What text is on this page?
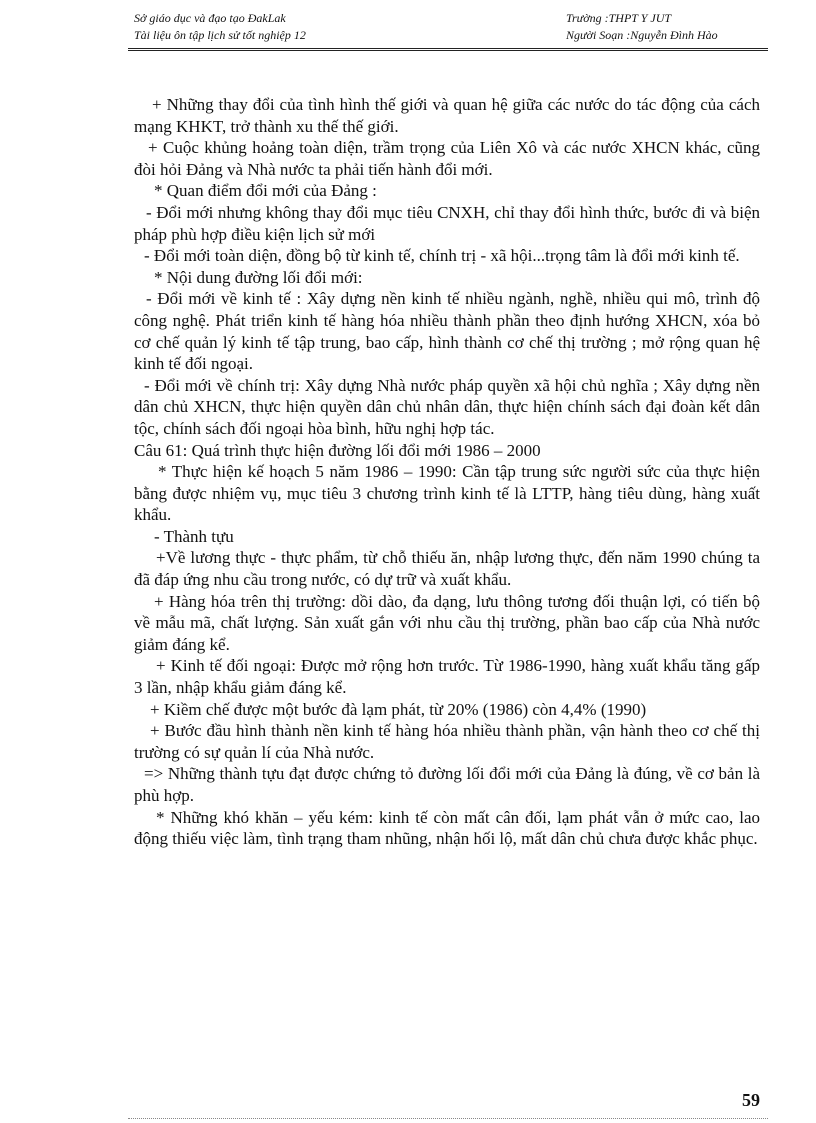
Sở giáo dục và đạo tạo ĐakLak
Tài liệu ôn tập lịch sử tốt nghiệp 12
Trường :THPT Y JUT
Người Soạn :Nguyễn Đình Hào

+ Những thay đổi của tình hình thế giới và quan hệ giữa các nước do tác động của cách mạng KHKT, trở thành xu thế thế giới.

+ Cuộc khủng hoảng toàn diện, trầm trọng của Liên Xô và các nước XHCN khác, cũng đòi hỏi Đảng và Nhà nước ta phải tiến hành đổi mới.

* Quan điểm đổi mới của Đảng :

- Đổi mới nhưng không thay đổi mục tiêu CNXH, chỉ thay đổi hình thức, bước đi và biện pháp phù hợp điều kiện lịch sử mới

- Đổi mới toàn diện, đồng bộ từ kinh tế, chính trị - xã hội...trọng tâm là đổi mới kinh tế.

* Nội dung đường lối đổi mới:

- Đổi mới về kinh tế : Xây dựng nền kinh tế nhiều ngành, nghề, nhiều qui mô, trình độ công nghệ. Phát triển kinh tế hàng hóa nhiều thành phần theo định hướng XHCN, xóa bỏ cơ chế quản lý kinh tế tập trung, bao cấp, hình thành cơ chế thị trường ; mở rộng quan hệ kinh tế đối ngoại.

- Đổi mới về chính trị: Xây dựng Nhà nước pháp quyền xã hội chủ nghĩa ; Xây dựng nền dân chủ XHCN, thực hiện quyền dân chủ nhân dân, thực hiện chính sách đại đoàn kết dân tộc, chính sách đối ngoại hòa bình, hữu nghị hợp tác.

Câu 61: Quá trình thực hiện đường lối đổi mới 1986 – 2000

* Thực hiện kế hoạch 5 năm 1986 – 1990: Cần tập trung sức người sức của thực hiện bằng được nhiệm vụ, mục tiêu 3 chương trình kinh tế là LTTP, hàng tiêu dùng, hàng xuất khẩu.

- Thành tựu

+Về lương thực - thực phẩm, từ chỗ thiếu ăn, nhập lương thực, đến năm 1990 chúng ta đã đáp ứng nhu cầu trong nước, có dự trữ và xuất khẩu.

+ Hàng hóa trên thị trường: dồi dào, đa dạng, lưu thông tương đối thuận lợi, có tiến bộ về mẫu mã, chất lượng. Sản xuất gắn với nhu cầu thị trường, phần bao cấp của Nhà nước giảm đáng kể.

+ Kinh tế đối ngoại: Được mở rộng hơn trước. Từ 1986-1990, hàng xuất khẩu tăng gấp 3 lần, nhập khẩu giảm đáng kể.

+ Kiềm chế được một bước đà lạm phát, từ 20% (1986) còn 4,4% (1990)

+ Bước đầu hình thành nền kinh tế hàng hóa nhiều thành phần, vận hành theo cơ chế thị trường có sự quản lí của Nhà nước.

=> Những thành tựu đạt được chứng tỏ đường lối đổi mới của Đảng là đúng, về cơ bản là phù hợp.

* Những khó khăn – yếu kém: kinh tế còn mất cân đối, lạm phát vẫn ở mức cao, lao động thiếu việc làm, tình trạng tham nhũng, nhận hối lộ, mất dân chủ chưa được khắc phục.

59
